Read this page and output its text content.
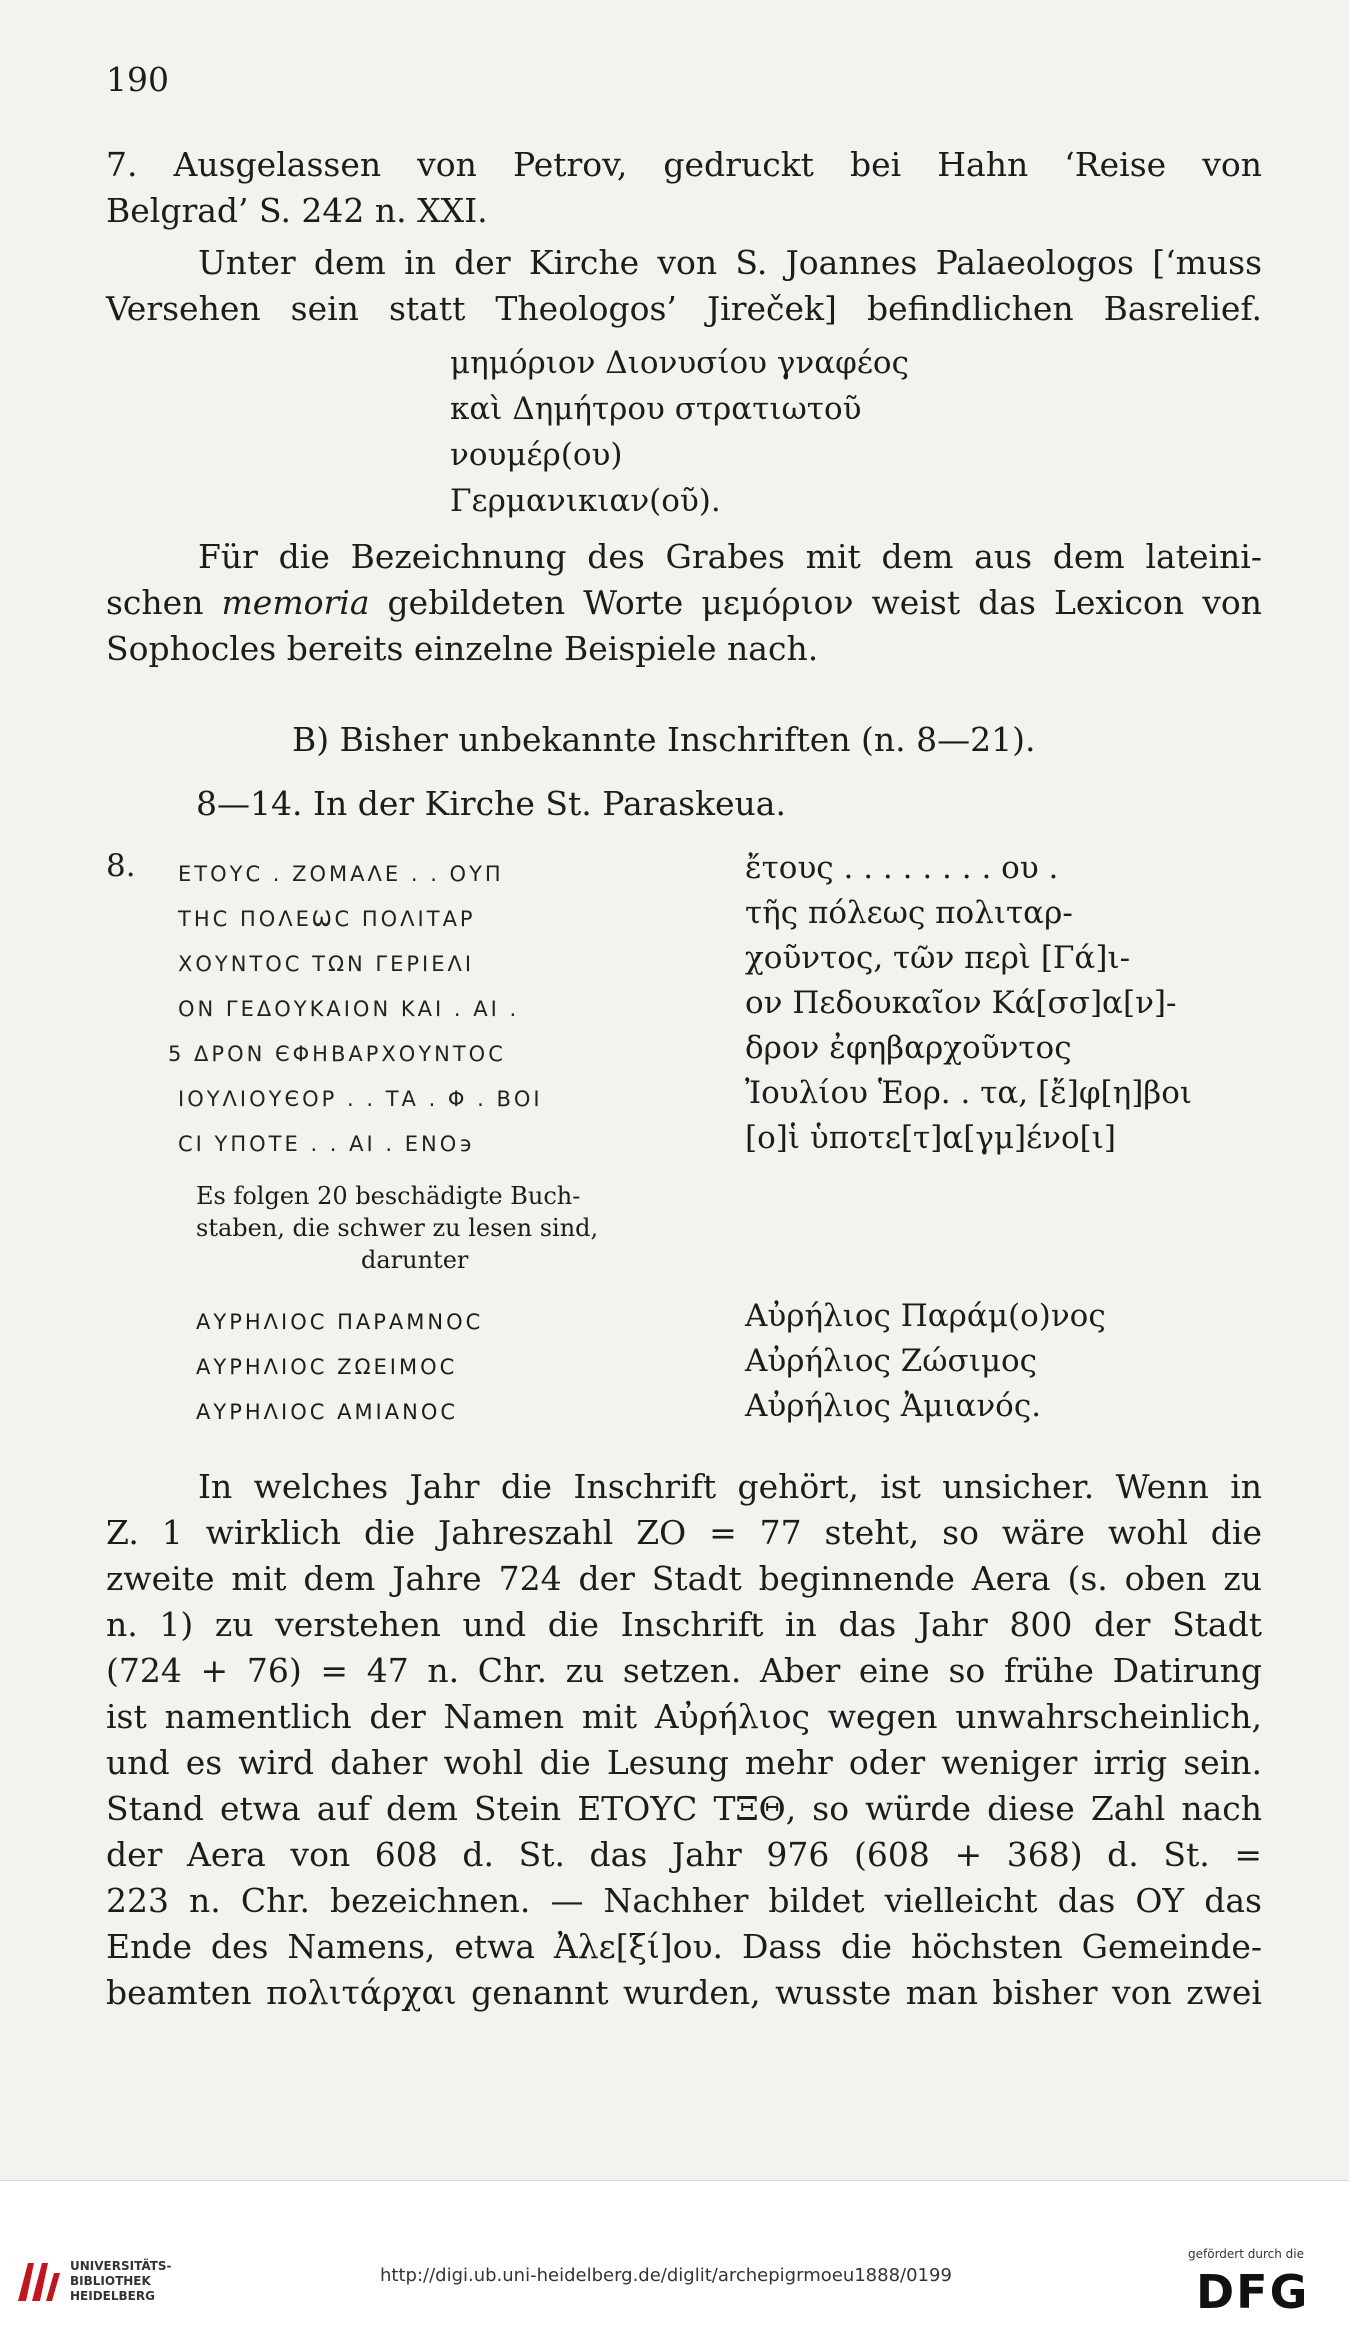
190

7. Ausgelassen von Petrov, gedruckt bei Hahn ‘Reise von
Belgrad’ S. 242 n. XXI.

Unter dem in der Kirche von S. Joannes Palaeologos [‘muss
Versehen sein statt Theologos’ Jireček] befindlichen Basrelief.

μημόριον Διονυσίου γναφέος
καὶ Δημήτρου στρατιωτοῦ
νουμέρ(ου)
Γερμανικιαν(οῦ).

Für die Bezeichnung des Grabes mit dem aus dem lateini-
schen memoria gebildeten Worte μεμόριον weist das Lexicon von
Sophocles bereits einzelne Beispiele nach.

B) Bisher unbekannte Inschriften (n. 8—21).
8—14. In der Kirche St. Paraskeua.
8. ΕΤΟΥϹ . ΖΟΜΑΛΕ . . ΟΥΠ
ΤΗϹ ΠΟΛΕѠϹ ΠΟΛΙΤΑΡ
ΧΟΥΝΤΟϹ ΤΩΝ ΓΕΡΙΕΛΙ
ΟΝ ΓΕΔΟΥΚΑΙΟΝ ΚΑΙ . ΑΙ .
5 ΔΡΟΝ ЄΦΗΒΑΡΧΟΥΝΤΟϹ
ΙΟΥΛΙΟΥЄΟΡ . . ΤΑ . Φ . ΒΟΙ
ϹΙ ΥΠΟΤΕ . . ΑΙ . ΕΝΟ϶
ἔτους . . . . . . . . ου .
τῆς πόλεως πολιταρ-
χοῦντος, τῶν περὶ [Γά]ι-
ον Πεδουκαῖον Κά[σσ]α[ν]-
δρον ἐφηβαρχοῦντος
Ἰουλίου Ἑορ. . τα, [ἔ]φ[η]βοι
[ο]ἱ ὑποτε[τ]α[γμ]ένο[ι]
Es folgen 20 beschädigte Buch-
staben, die schwer zu lesen sind,
darunter
ΑΥΡΗΛΙΟϹ ΠΑΡΑΜΝΟϹ
ΑΥΡΗΛΙΟϹ ΖΩΕΙΜΟϹ
ΑΥΡΗΛΙΟϹ ΑΜΙΑΝΟϹ
Αὐρήλιος Παράμ(ο)νος
Αὐρήλιος Ζώσιμος
Αὐρήλιος Ἀμιανός.

In welches Jahr die Inschrift gehört, ist unsicher. Wenn in
Z. 1 wirklich die Jahreszahl ΖΟ = 77 steht, so wäre wohl die
zweite mit dem Jahre 724 der Stadt beginnende Aera (s. oben zu
n. 1) zu verstehen und die Inschrift in das Jahr 800 der Stadt
(724 + 76) = 47 n. Chr. zu setzen. Aber eine so frühe Datirung
ist namentlich der Namen mit Αὐρήλιος wegen unwahrscheinlich,
und es wird daher wohl die Lesung mehr oder weniger irrig sein.
Stand etwa auf dem Stein ΕΤΟΥϹ ΤΞΘ, so würde diese Zahl nach
der Aera von 608 d. St. das Jahr 976 (608 + 368) d. St. =
223 n. Chr. bezeichnen. — Nachher bildet vielleicht das ΟΥ das
Ende des Namens, etwa Ἀλε[ξί]ου. Dass die höchsten Gemeinde-
beamten πολιτάρχαι genannt wurden, wusste man bisher von zwei

UNIVERSITÄTS-
BIBLIOTHEK
HEIDELBERG
http://digi.ub.uni-heidelberg.de/diglit/archepigrmoeu1888/0199
gefördert durch die
DFG
